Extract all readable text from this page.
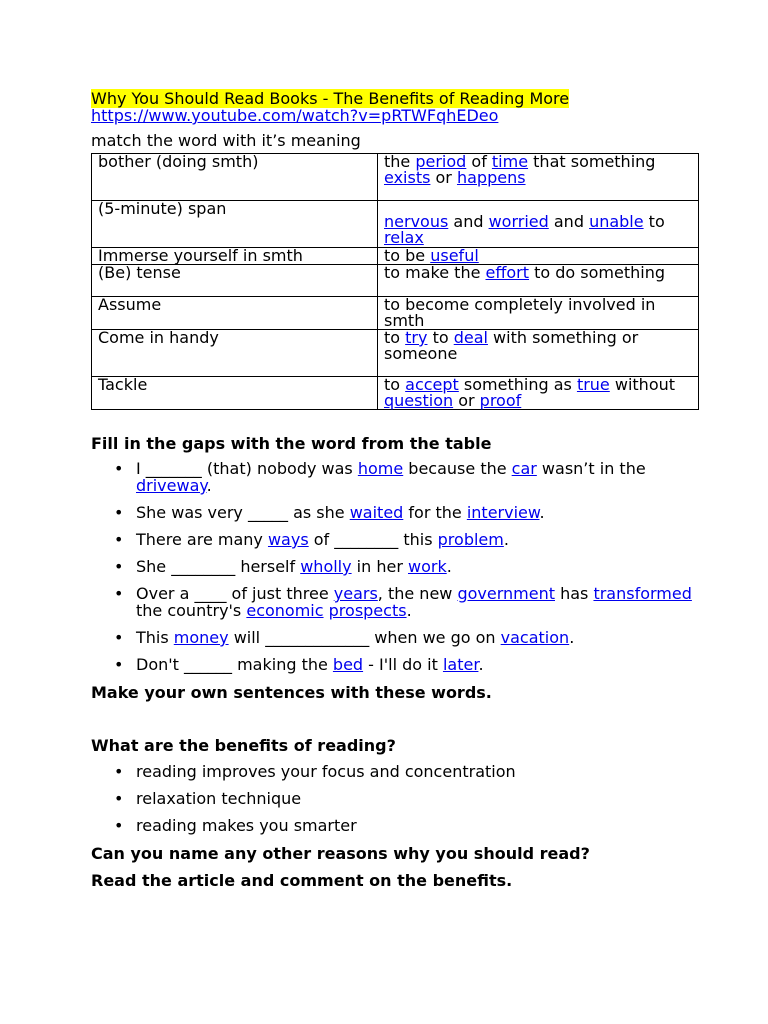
Why You Should Read Books - The Benefits of Reading More
https://www.youtube.com/watch?v=pRTWFqhEDeo
match the word with it’s meaning
bother (doing smth)	the period of time that something exists or happens
(5-minute) span	nervous and worried and unable to relax
Immerse yourself in smth	to be useful
(Be) tense	to make the effort to do something
Assume	to become completely involved in smth
Come in handy	to try to deal with something or someone
Tackle	to accept something as true without question or proof
Fill in the gaps with the word from the table
• I _______ (that) nobody was home because the car wasn’t in the driveway.
• She was very _____ as she waited for the interview.
• There are many ways of ________ this problem.
• She ________ herself wholly in her work.
• Over a ____ of just three years, the new government has transformed the country's economic prospects.
• This money will _____________ when we go on vacation.
• Don't ______ making the bed - I'll do it later.
Make your own sentences with these words.
What are the benefits of reading?
• reading improves your focus and concentration
• relaxation technique
• reading makes you smarter
Can you name any other reasons why you should read?
Read the article and comment on the benefits.
